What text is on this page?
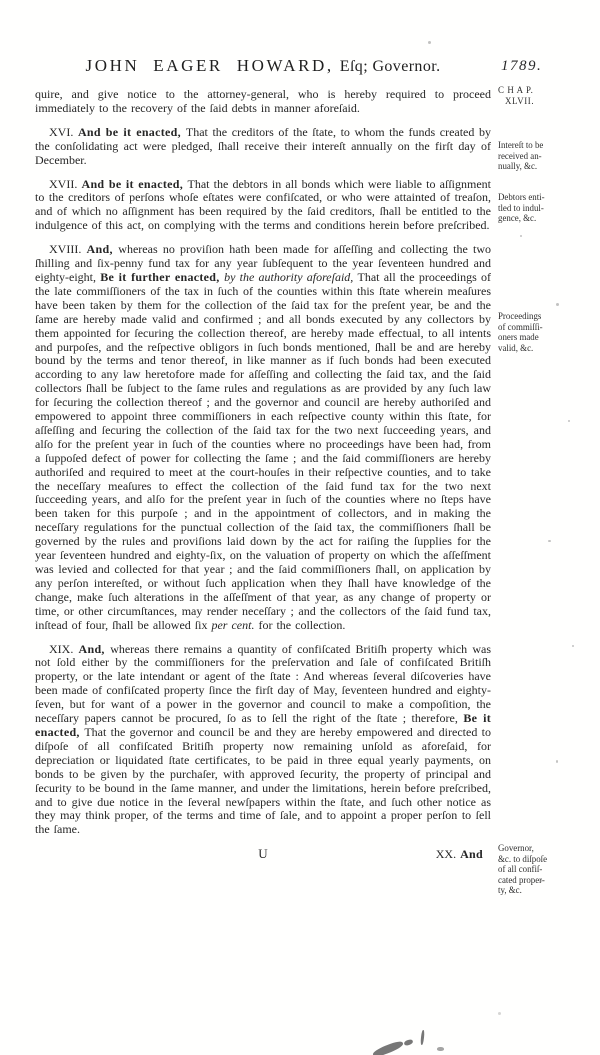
JOHN EAGER HOWARD, Eſq; Governor.	1789.

quire, and give notice to the attorney-general, who is hereby required to proceed immediately to the recovery of the ſaid debts in manner aforeſaid.

XVI. And be it enacted, That the creditors of the ſtate, to whom the funds created by the conſolidating act were pledged, ſhall receive their intereſt annually on the firſt day of December.

XVII. And be it enacted, That the debtors in all bonds which were liable to aſſignment to the creditors of perſons whoſe eſtates were confiſcated, or who were attainted of treaſon, and of which no aſſignment has been required by the ſaid creditors, ſhall be entitled to the indulgence of this act, on complying with the terms and conditions herein before preſcribed.

XVIII. And, whereas no proviſion hath been made for aſſeſſing and collecting the two ſhilling and ſix-penny fund tax for any year ſubſequent to the year ſeventeen hundred and eighty-eight, Be it further enacted, by the authority aforeſaid, That all the proceedings of the late commiſſioners of the tax in ſuch of the counties within this ſtate wherein meaſures have been taken by them for the collection of the ſaid tax for the preſent year, be and the ſame are hereby made valid and confirmed ; and all bonds executed by any collectors by them appointed for ſecuring the collection thereof, are hereby made effectual, to all intents and purpoſes, and the reſpective obligors in ſuch bonds mentioned, ſhall be and are hereby bound by the terms and tenor thereof, in like manner as if ſuch bonds had been executed according to any law heretofore made for aſſeſſing and collecting the ſaid tax, and the ſaid collectors ſhall be ſubject to the ſame rules and regulations as are provided by any ſuch law for ſecuring the collection thereof ; and the governor and council are hereby authoriſed and empowered to appoint three commiſſioners in each reſpective county within this ſtate, for aſſeſſing and ſecuring the collection of the ſaid tax for the two next ſucceeding years, and alſo for the preſent year in ſuch of the counties where no proceedings have been had, from a ſuppoſed defect of power for collecting the ſame ; and the ſaid commiſſioners are hereby authoriſed and required to meet at the court-houſes in their reſpective counties, and to take the neceſſary meaſures to effect the collection of the ſaid fund tax for the two next ſucceeding years, and alſo for the preſent year in ſuch of the counties where no ſteps have been taken for this purpoſe ; and in the appointment of collectors, and in making the neceſſary regulations for the punctual collection of the ſaid tax, the commiſſioners ſhall be governed by the rules and proviſions laid down by the act for raiſing the ſupplies for the year ſeventeen hundred and eighty-ſix, on the valuation of property on which the aſſeſſment was levied and collected for that year ; and the ſaid commiſſioners ſhall, on application by any perſon intereſted, or without ſuch application when they ſhall have knowledge of the change, make ſuch alterations in the aſſeſſment of that year, as any change of property or time, or other circumſtances, may render neceſſary ; and the collectors of the ſaid fund tax, inſtead of four, ſhall be allowed ſix per cent. for the collection.

XIX. And, whereas there remains a quantity of confiſcated Britiſh property which was not ſold either by the commiſſioners for the preſervation and ſale of confiſcated Britiſh property, or the late intendant or agent of the ſtate : And whereas ſeveral diſcoveries have been made of confiſcated property ſince the firſt day of May, ſeventeen hundred and eighty-ſeven, but for want of a power in the governor and council to make a compoſition, the neceſſary papers cannot be procured, ſo as to ſell the right of the ſtate ; therefore, Be it enacted, That the governor and council be and they are hereby empowered and directed to diſpoſe of all confiſcated Britiſh property now remaining unſold as aforeſaid, for depreciation or liquidated ſtate certificates, to be paid in three equal yearly payments, on bonds to be given by the purchaſer, with approved ſecurity, the property of principal and ſecurity to be bound in the ſame manner, and under the limitations, herein before preſcribed, and to give due notice in the ſeveral newſpapers within the ſtate, and ſuch other notice as they may think proper, of the terms and time of ſale, and to appoint a proper perſon to ſell the ſame.

U	XX. And
C H A P.
XLVII.
Intereſt to be
received an-
nually, &c.
Debtors enti-
tled to indul-
gence, &c.
Proceedings
of commiſſi-
oners made
valid, &c.
Governor,
&c. to diſpoſe
of all confiſ-
cated proper-
ty, &c.
